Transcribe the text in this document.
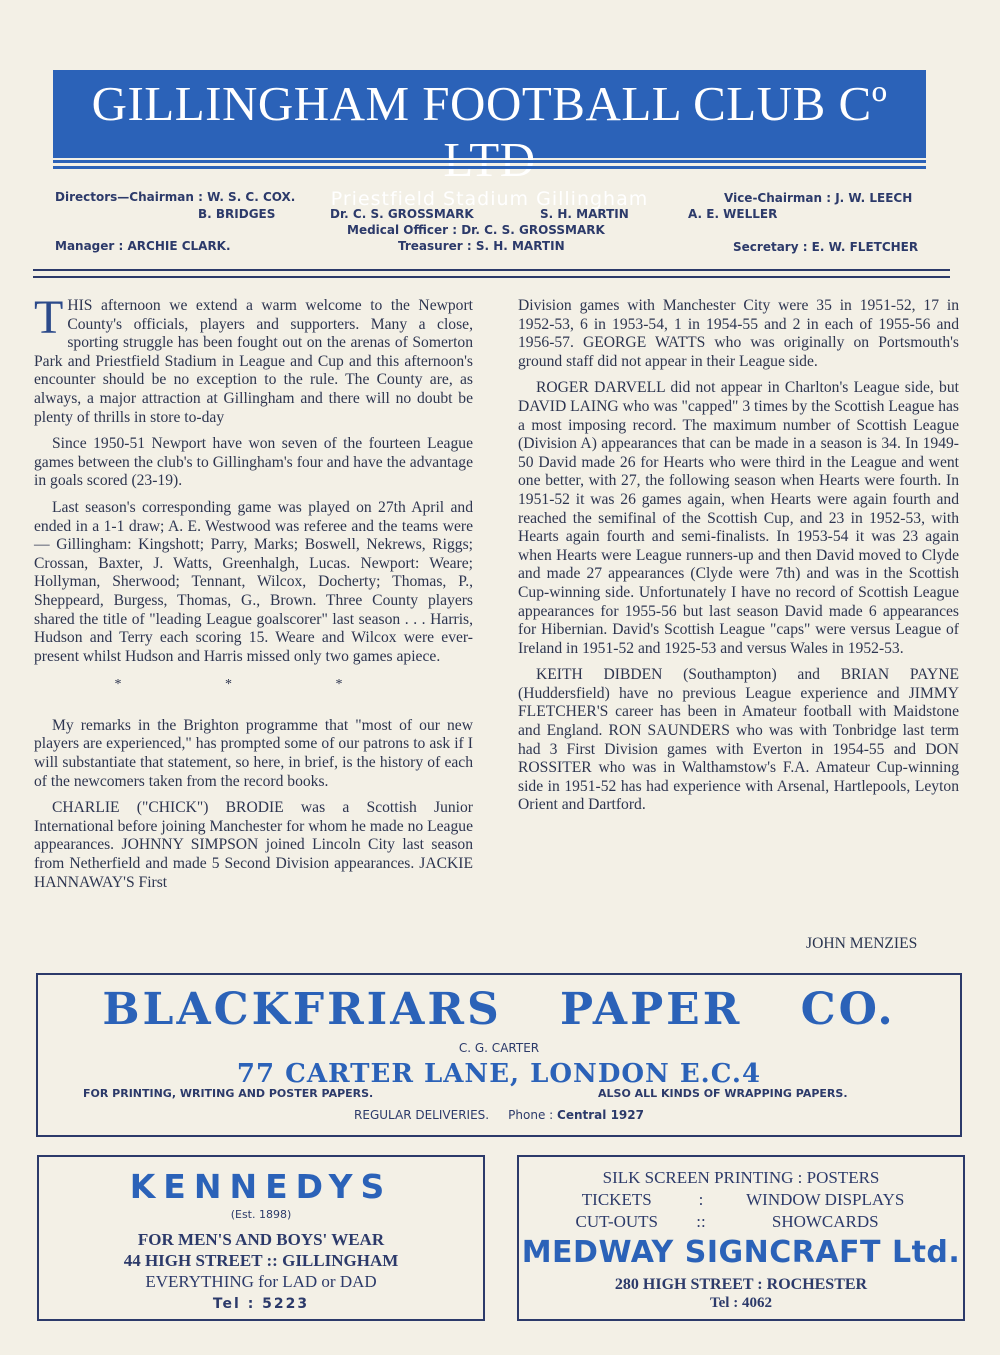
GILLINGHAM FOOTBALL CLUB Cº
Priestfield Stadium Gillingham
Directors—Chairman : W. S. C. COX.	Vice-Chairman : J. W. LEECH
B. BRIDGES	Dr. C. S. GROSSMARK	S. H. MARTIN	A. E. WELLER
Medical Officer : Dr. C. S. GROSSMARK
Manager : ARCHIE CLARK.	Treasurer : S. H. MARTIN	Secretary : E. W. FLETCHER

THIS afternoon we extend a warm welcome to the Newport County's officials, players and supporters. Many a close, sporting struggle has been fought out on the arenas of Somerton Park and Priestfield Stadium in League and Cup and this afternoon's encounter should be no exception to the rule. The County are, as always, a major attraction at Gillingham and there will no doubt be plenty of thrills in store to-day

Since 1950-51 Newport have won seven of the fourteen League games between the club's to Gillingham's four and have the advantage in goals scored (23-19).

Last season's corresponding game was played on 27th April and ended in a 1-1 draw; A. E. Westwood was referee and the teams were — Gillingham: Kingshott; Parry, Marks; Boswell, Nekrews, Riggs; Crossan, Baxter, J. Watts, Greenhalgh, Lucas. Newport: Weare; Hollyman, Sherwood; Tennant, Wilcox, Docherty; Thomas, P., Sheppeard, Burgess, Thomas, G., Brown. Three County players shared the title of "leading League goalscorer" last season . . . Harris, Hudson and Terry each scoring 15. Weare and Wilcox were ever-present whilst Hudson and Harris missed only two games apiece.

* * *

My remarks in the Brighton programme that "most of our new players are experienced," has prompted some of our patrons to ask if I will substantiate that statement, so here, in brief, is the history of each of the newcomers taken from the record books.

CHARLIE ("CHICK") BRODIE was a Scottish Junior International before joining Manchester for whom he made no League appearances. JOHNNY SIMPSON joined Lincoln City last season from Netherfield and made 5 Second Division appearances. JACKIE HANNAWAY'S First

Division games with Manchester City were 35 in 1951-52, 17 in 1952-53, 6 in 1953-54, 1 in 1954-55 and 2 in each of 1955-56 and 1956-57. GEORGE WATTS who was originally on Portsmouth's ground staff did not appear in their League side.

ROGER DARVELL did not appear in Charlton's League side, but DAVID LAING who was "capped" 3 times by the Scottish League has a most imposing record. The maximum number of Scottish League (Division A) appearances that can be made in a season is 34. In 1949-50 David made 26 for Hearts who were third in the League and went one better, with 27, the following season when Hearts were fourth. In 1951-52 it was 26 games again, when Hearts were again fourth and reached the semifinal of the Scottish Cup, and 23 in 1952-53, with Hearts again fourth and semi-finalists. In 1953-54 it was 23 again when Hearts were League runners-up and then David moved to Clyde and made 27 appearances (Clyde were 7th) and was in the Scottish Cup-winning side. Unfortunately I have no record of Scottish League appearances for 1955-56 but last season David made 6 appearances for Hibernian. David's Scottish League "caps" were versus League of Ireland in 1951-52 and 1925-53 and versus Wales in 1952-53.

KEITH DIBDEN (Southampton) and BRIAN PAYNE (Huddersfield) have no previous League experience and JIMMY FLETCHER'S career has been in Amateur football with Maidstone and England. RON SAUNDERS who was with Tonbridge last term had 3 First Division games with Everton in 1954-55 and DON ROSSITER who was in Walthamstow's F.A. Amateur Cup-winning side in 1951-52 has had experience with Arsenal, Hartlepools, Leyton Orient and Dartford.

JOHN MENZIES
BLACKFRIARS PAPER CO.
C. G. CARTER
77 CARTER LANE, LONDON E.C.4
FOR PRINTING, WRITING AND POSTER PAPERS.	ALSO ALL KINDS OF WRAPPING PAPERS.
REGULAR DELIVERIES. Phone : Central 1927
KENNEDYS
(Est. 1898)
FOR MEN'S AND BOYS' WEAR
44 HIGH STREET :: GILLINGHAM
EVERYTHING for LAD or DAD
Tel : 5223
SILK SCREEN PRINTING : POSTERS
TICKETS	:	WINDOW DISPLAYS
CUT-OUTS ::	SHOWCARDS
MEDWAY SIGNCRAFT Ltd.
280 HIGH STREET : ROCHESTER
Tel : 4062
